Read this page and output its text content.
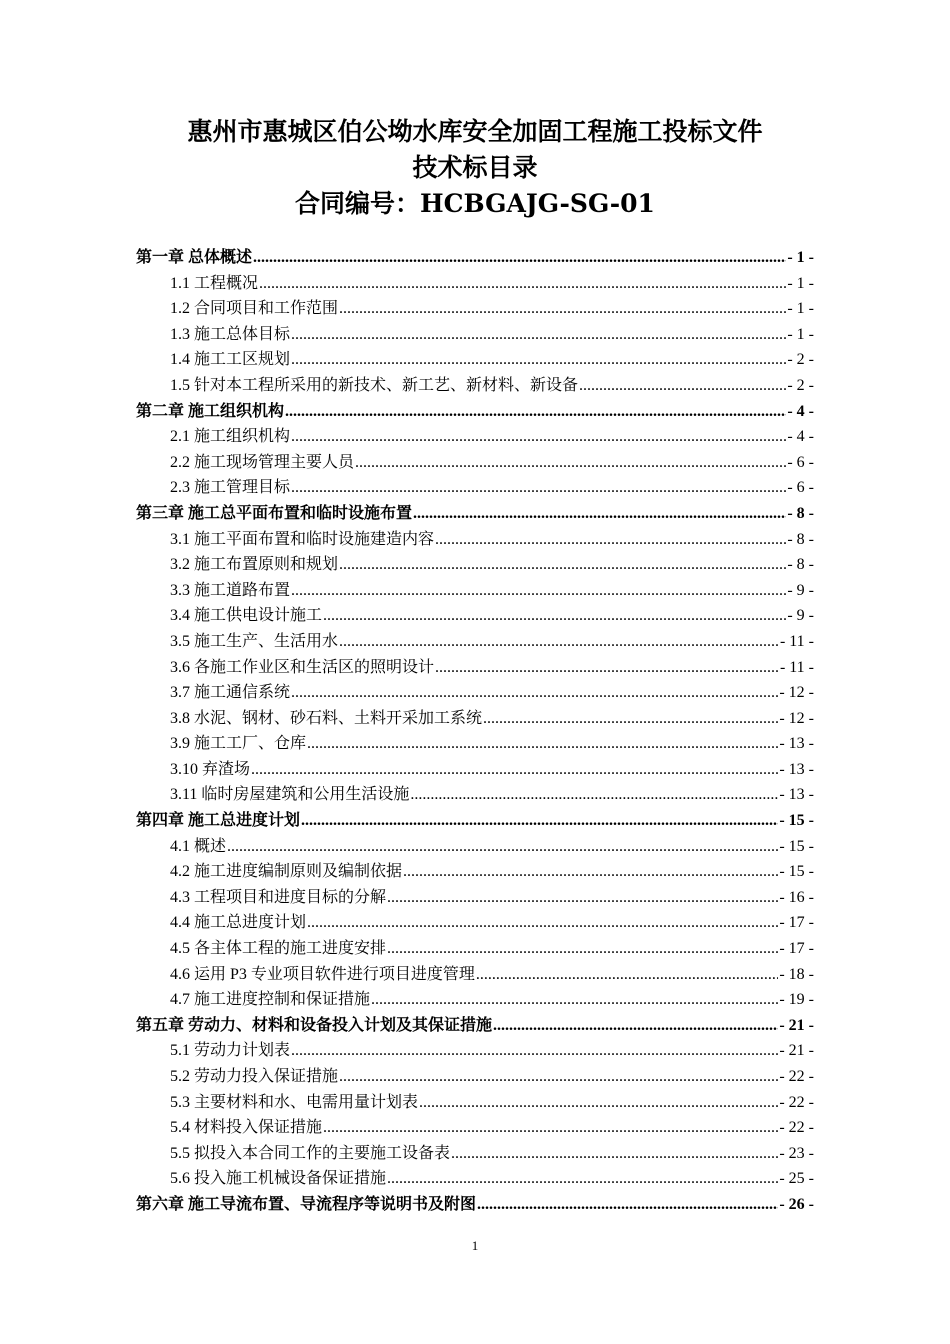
惠州市惠城区伯公坳水库安全加固工程施工投标文件
技术标目录
合同编号：HCBGAJG-SG-01
第一章 总体概述 .....	- 1 -
1.1 工程概况 .....	- 1 -
1.2 合同项目和工作范围 .....	- 1 -
1.3 施工总体目标 .....	- 1 -
1.4 施工工区规划 .....	- 2 -
1.5 针对本工程所采用的新技术、新工艺、新材料、新设备 .....	- 2 -
第二章 施工组织机构 .....	- 4 -
2.1 施工组织机构 .....	- 4 -
2.2 施工现场管理主要人员 .....	- 6 -
2.3 施工管理目标 .....	- 6 -
第三章 施工总平面布置和临时设施布置 .....	- 8 -
3.1 施工平面布置和临时设施建造内容 .....	- 8 -
3.2 施工布置原则和规划 .....	- 8 -
3.3 施工道路布置 .....	- 9 -
3.4 施工供电设计施工 .....	- 9 -
3.5 施工生产、生活用水 .....	- 11 -
3.6 各施工作业区和生活区的照明设计 .....	- 11 -
3.7 施工通信系统 .....	- 12 -
3.8 水泥、钢材、砂石料、土料开采加工系统 .....	- 12 -
3.9 施工工厂、仓库 .....	- 13 -
3.10 弃渣场 .....	- 13 -
3.11 临时房屋建筑和公用生活设施 .....	- 13 -
第四章 施工总进度计划 .....	- 15 -
4.1 概述 .....	- 15 -
4.2 施工进度编制原则及编制依据 .....	- 15 -
4.3 工程项目和进度目标的分解 .....	- 16 -
4.4 施工总进度计划 .....	- 17 -
4.5 各主体工程的施工进度安排 .....	- 17 -
4.6 运用 P3 专业项目软件进行项目进度管理 .....	- 18 -
4.7 施工进度控制和保证措施 .....	- 19 -
第五章 劳动力、材料和设备投入计划及其保证措施 .....	- 21 -
5.1 劳动力计划表 .....	- 21 -
5.2 劳动力投入保证措施 .....	- 22 -
5.3 主要材料和水、电需用量计划表 .....	- 22 -
5.4 材料投入保证措施 .....	- 22 -
5.5 拟投入本合同工作的主要施工设备表 .....	- 23 -
5.6 投入施工机械设备保证措施 .....	- 25 -
第六章 施工导流布置、导流程序等说明书及附图 .....	- 26 -
1
